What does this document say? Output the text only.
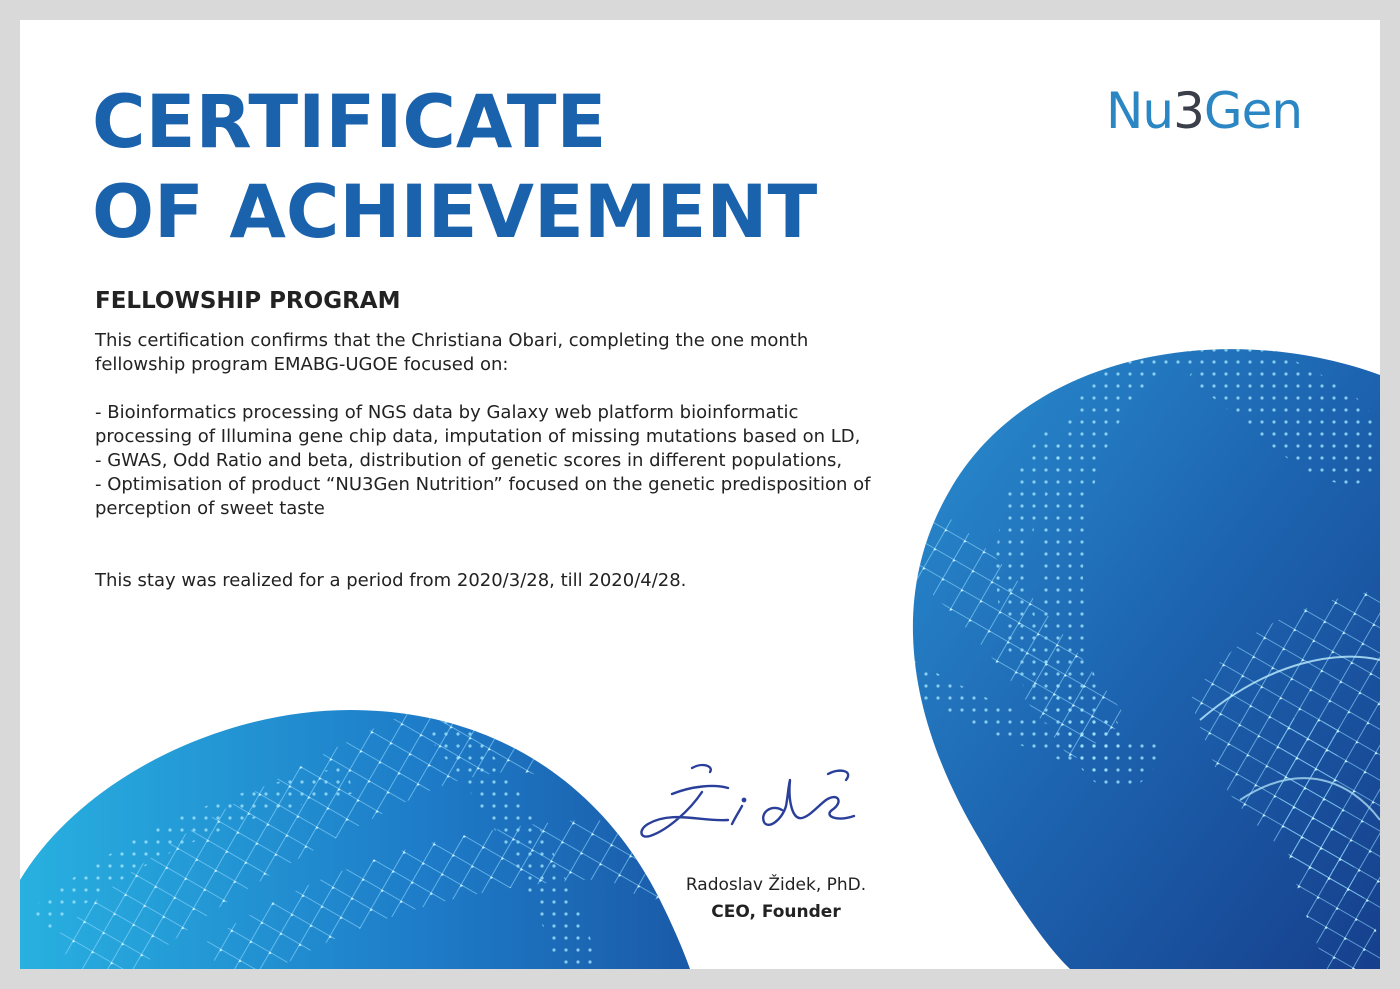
CERTIFICATE
OF ACHIEVEMENT
Nu3Gen
FELLOWSHIP PROGRAM

This certification confirms that the Christiana Obari, completing the one month fellowship program EMABG-UGOE focused on:

- Bioinformatics processing of NGS data by Galaxy web platform bioinformatic processing of Illumina gene chip data, imputation of missing mutations based on LD,

- GWAS, Odd Ratio and beta, distribution of genetic scores in different populations,

- Optimisation of product “NU3Gen Nutrition” focused on the genetic predisposition of perception of sweet taste

This stay was realized for a period from 2020/3/28, till 2020/4/28.

Radoslav Židek, PhD.
CEO, Founder
